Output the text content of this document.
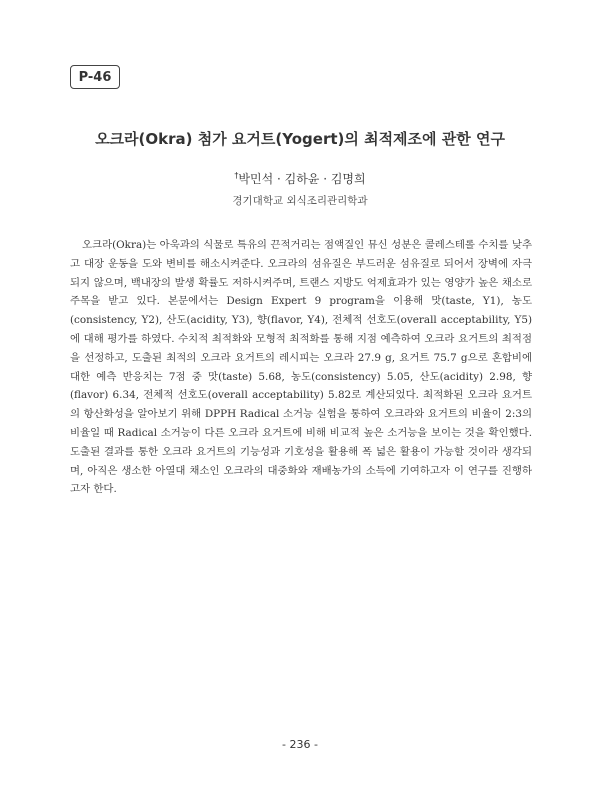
P-46
오크라(Okra) 첨가 요거트(Yogert)의 최적제조에 관한 연구
†박민석 · 김하윤 · 김명희
경기대학교 외식조리관리학과

오크라(Okra)는 아욱과의 식물로 특유의 끈적거리는 점액질인 뮤신 성분은 콜레스테롤 수치를 낮추고 대장 운동을 도와 변비를 해소시켜준다. 오크라의 섬유질은 부드러운 섬유질로 되어서 장벽에 자극되지 않으며, 백내장의 발생 확률도 저하시켜주며, 트랜스 지방도 억제효과가 있는 영양가 높은 채소로 주목을 받고 있다. 본문에서는 Design Expert 9 program을 이용해 맛(taste, Y1), 농도(consistency, Y2), 산도(acidity, Y3), 향(flavor, Y4), 전체적 선호도(overall acceptability, Y5)에 대해 평가를 하였다. 수치적 최적화와 모형적 최적화를 통해 지점 예측하여 오크라 요거트의 최적점을 선정하고, 도출된 최적의 오크라 요거트의 레시피는 오크라 27.9 g, 요거트 75.7 g으로 혼합비에 대한 예측 반응치는 7점 중 맛(taste) 5.68, 농도(consistency) 5.05, 산도(acidity) 2.98, 향(flavor) 6.34, 전체적 선호도(overall acceptability) 5.82로 계산되었다. 최적화된 오크라 요거트의 항산화성을 알아보기 위해 DPPH Radical 소거능 실험을 통하여 오크라와 요거트의 비율이 2:3의 비율일 때 Radical 소거능이 다른 오크라 요거트에 비해 비교적 높은 소거능을 보이는 것을 확인했다. 도출된 결과를 통한 오크라 요거트의 기능성과 기호성을 활용해 폭 넓은 활용이 가능할 것이라 생각되며, 아직은 생소한 아열대 채소인 오크라의 대중화와 재배농가의 소득에 기여하고자 이 연구를 진행하고자 한다.

- 236 -
